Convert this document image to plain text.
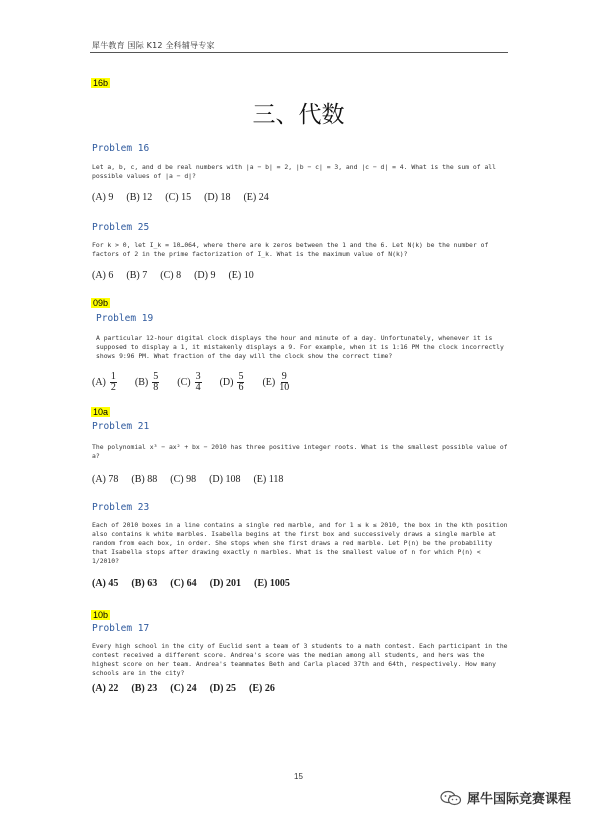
犀牛教育 国际 K12 全科辅导专家
16b
三、代数
Problem 16
Let a, b, c, and d be real numbers with |a − b| = 2, |b − c| = 3, and |c − d| = 4. What is the sum of all possible values of |a − d|?
(A) 9 (B) 12 (C) 15 (D) 18 (E) 24
Problem 25
For k > 0, let I_k = 10…064, where there are k zeros between the 1 and the 6. Let N(k) be the number of factors of 2 in the prime factorization of I_k. What is the maximum value of N(k)?
(A) 6 (B) 7 (C) 8 (D) 9 (E) 10
09b
Problem 19
A particular 12-hour digital clock displays the hour and minute of a day. Unfortunately, whenever it is supposed to display a 1, it mistakenly displays a 9. For example, when it is 1:16 PM the clock incorrectly shows 9:96 PM. What fraction of the day will the clock show the correct time?
$(A) \frac{1}{2} (B) \frac{5}{8} (C) \frac{3}{4} (D) \frac{5}{6} (E) \frac{9}{10}$
10a
Problem 21
The polynomial x³ − ax² + bx − 2010 has three positive integer roots. What is the smallest possible value of a?
(A) 78 (B) 88 (C) 98 (D) 108 (E) 118
Problem 23
Each of 2010 boxes in a line contains a single red marble, and for 1 ≤ k ≤ 2010, the box in the kth position also contains k white marbles. Isabella begins at the first box and successively draws a single marble at random from each box, in order. She stops when she first draws a red marble. Let P(n) be the probability that Isabella stops after drawing exactly n marbles. What is the smallest value of n for which P(n) < 1/2010?
(A) 45 (B) 63 (C) 64 (D) 201 (E) 1005
10b
Problem 17
Every high school in the city of Euclid sent a team of 3 students to a math contest. Each participant in the contest received a different score. Andrea's score was the median among all students, and hers was the highest score on her team. Andrea's teammates Beth and Carla placed 37th and 64th, respectively. How many schools are in the city?
(A) 22 (B) 23 (C) 24 (D) 25 (E) 26
15
犀牛国际竞赛课程
